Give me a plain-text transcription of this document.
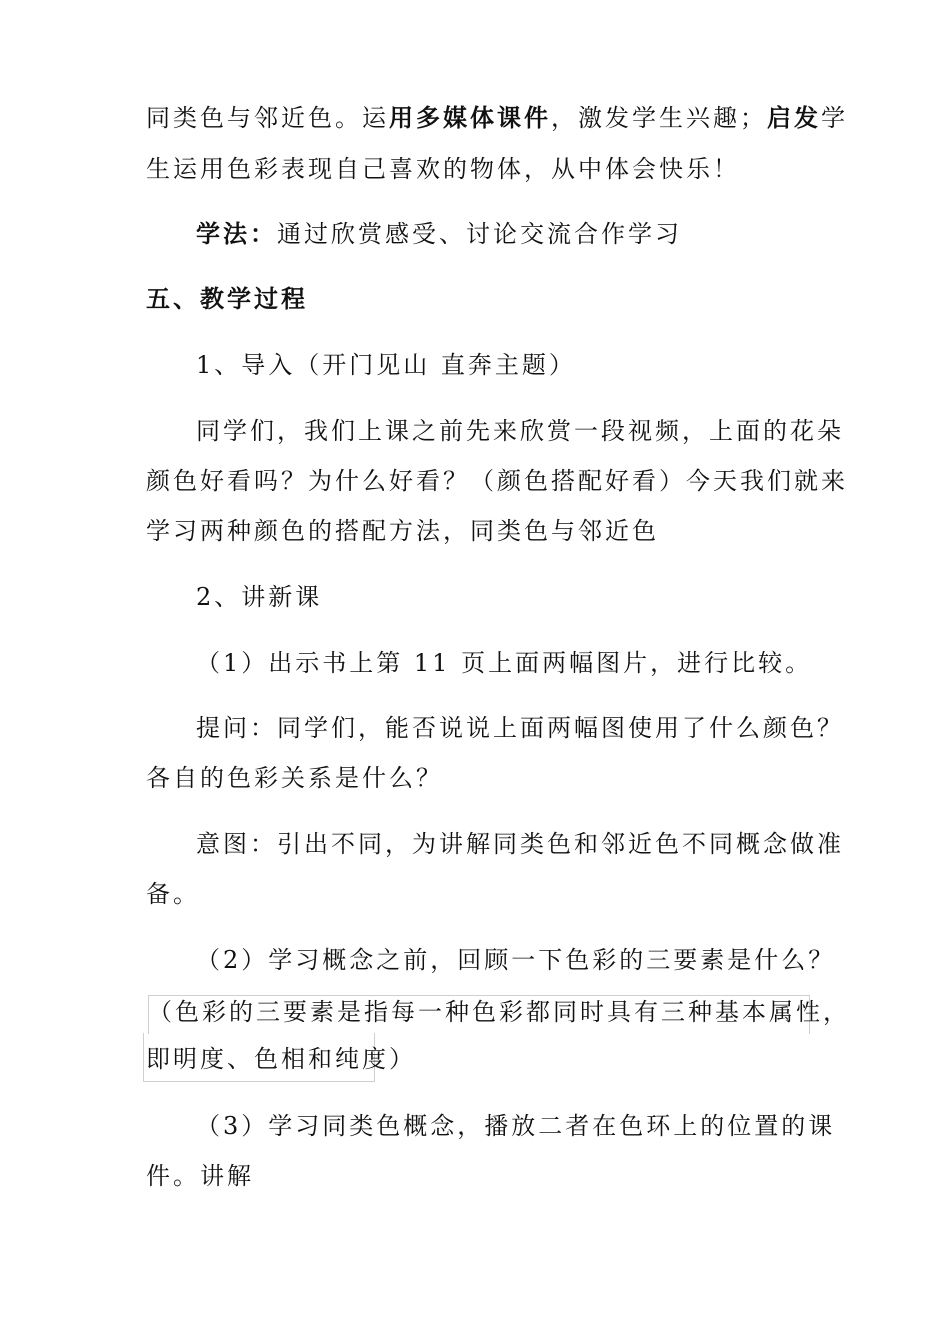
同类色与邻近色。运用多媒体课件，激发学生兴趣；启发学
生运用色彩表现自己喜欢的物体，从中体会快乐！
学法：通过欣赏感受、讨论交流合作学习
五、教学过程
1、导入（开门见山 直奔主题）
同学们，我们上课之前先来欣赏一段视频，上面的花朵
颜色好看吗？为什么好看？（颜色搭配好看）今天我们就来
学习两种颜色的搭配方法，同类色与邻近色
2、讲新课
（1）出示书上第 11 页上面两幅图片，进行比较。
提问：同学们，能否说说上面两幅图使用了什么颜色？
各自的色彩关系是什么？
意图：引出不同，为讲解同类色和邻近色不同概念做准
备。
（2）学习概念之前，回顾一下色彩的三要素是什么？
（色彩的三要素是指每一种色彩都同时具有三种基本属性，
即明度、色相和纯度）
（3）学习同类色概念，播放二者在色环上的位置的课
件。讲解
